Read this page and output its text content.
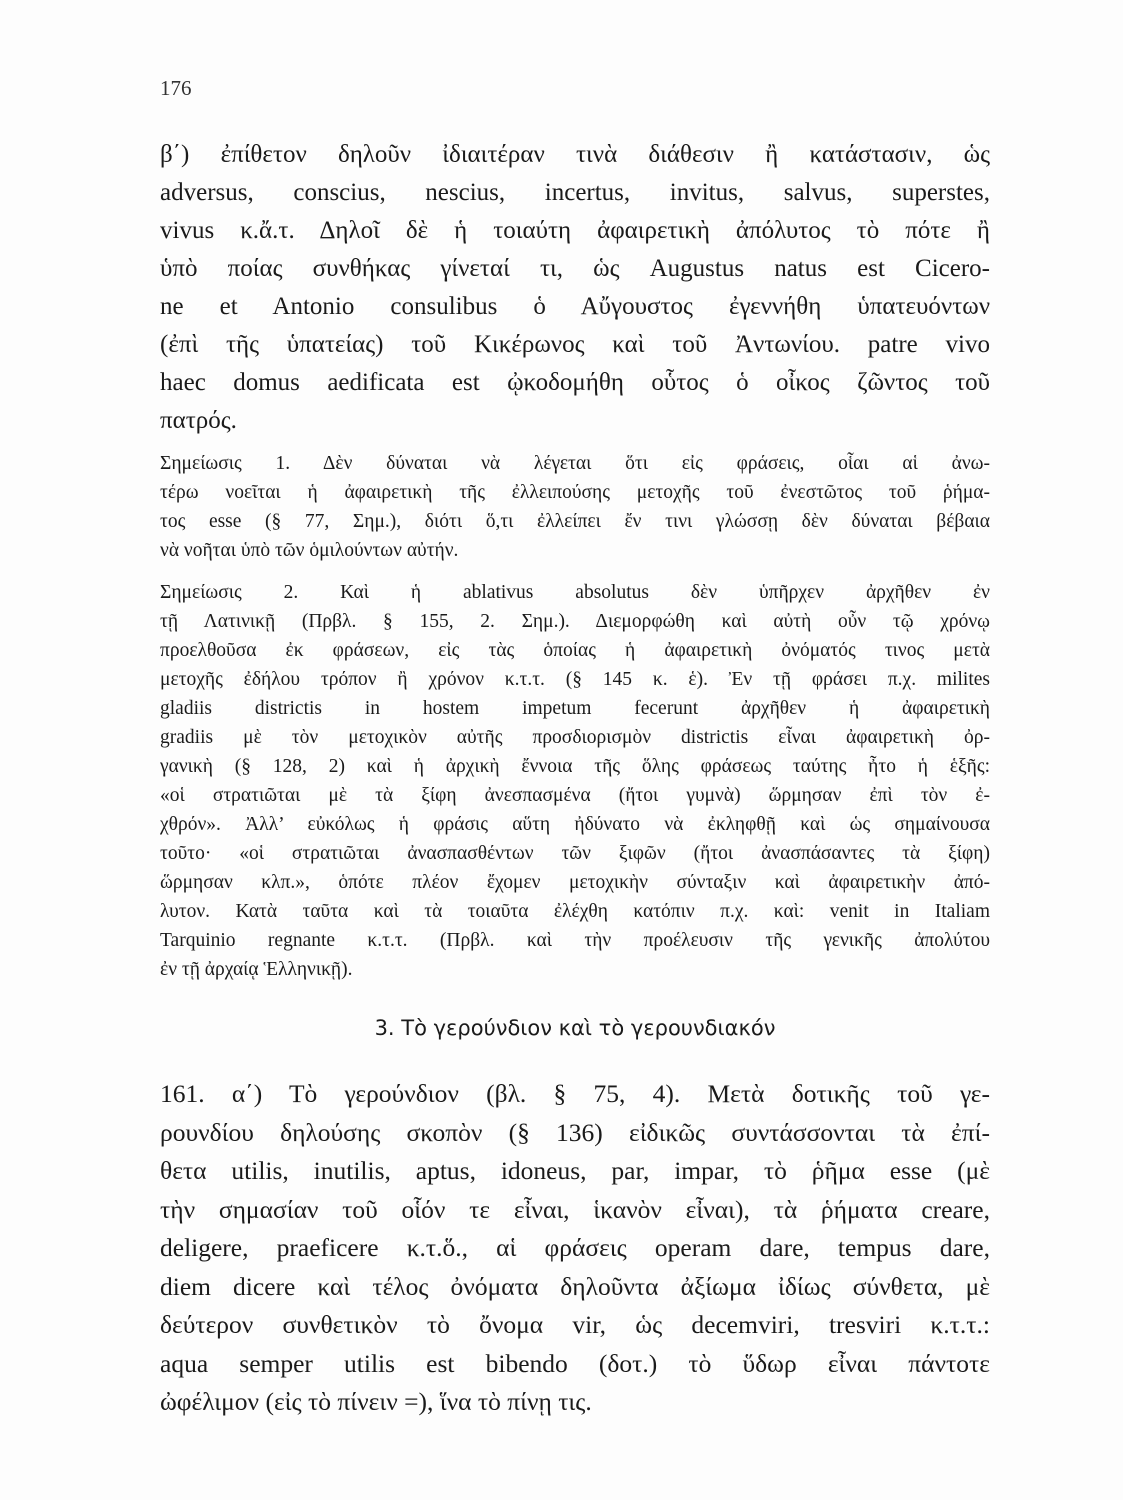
176
β΄) ἐπίθετον δηλοῦν ἰδιαιτέραν τινὰ διάθεσιν ἢ κατάστασιν, ὡς
adversus, conscius, nescius, incertus, invitus, salvus, superstes,
vivus κ.ἄ.τ. Δηλοῖ δὲ ἡ τοιαύτη ἀφαιρετικὴ ἀπόλυτος τὸ πότε ἢ
ὑπὸ ποίας συνθήκας γίνεταί τι, ὡς Augustus natus est Cicero-
ne et Antonio consulibus ὁ Αὔγουστος ἐγεννήθη ὑπατευόντων
(ἐπὶ τῆς ὑπατείας) τοῦ Κικέρωνος καὶ τοῦ Ἀντωνίου. patre vivo
haec domus aedificata est ᾠκοδομήθη οὗτος ὁ οἶκος ζῶντος τοῦ
πατρός.
Σημείωσις 1. Δὲν δύναται νὰ λέγεται ὅτι εἰς φράσεις, οἷαι αἱ ἀνω-
τέρω νοεῖται ἡ ἀφαιρετικὴ τῆς ἐλλειπούσης μετοχῆς τοῦ ἐνεστῶτος τοῦ ῥήμα-
τος esse (§ 77, Σημ.), διότι ὅ,τι ἐλλείπει ἔν τινι γλώσσῃ δὲν δύναται βέβαια
νὰ νοῆται ὑπὸ τῶν ὁμιλούντων αὐτήν.
Σημείωσις 2. Καὶ ἡ ablativus absolutus δὲν ὑπῆρχεν ἀρχῆθεν ἐν
τῇ Λατινικῇ (Πρβλ. § 155, 2. Σημ.). Διεμορφώθη καὶ αὐτὴ οὖν τῷ χρόνῳ
προελθοῦσα ἐκ φράσεων, εἰς τὰς ὁποίας ἡ ἀφαιρετικὴ ὀνόματός τινος μετὰ
μετοχῆς ἐδήλου τρόπον ἢ χρόνον κ.τ.τ. (§ 145 κ. ἑ). Ἐν τῇ φράσει π.χ. milites
gladiis districtis in hostem impetum fecerunt ἀρχῆθεν ἡ ἀφαιρετικὴ
gradiis μὲ τὸν μετοχικὸν αὐτῆς προσδιορισμὸν districtis εἶναι ἀφαιρετικὴ ὀρ-
γανικὴ (§ 128, 2) καὶ ἡ ἀρχικὴ ἔννοια τῆς ὅλης φράσεως ταύτης ἦτο ἡ ἑξῆς:
«οἱ στρατιῶται μὲ τὰ ξίφη ἀνεσπασμένα (ἤτοι γυμνὰ) ὥρμησαν ἐπὶ τὸν ἐ-
χθρόν». Ἀλλ’ εὐκόλως ἡ φράσις αὕτη ἠδύνατο νὰ ἐκληφθῇ καὶ ὡς σημαίνουσα
τοῦτο· «οἱ στρατιῶται ἀνασπασθέντων τῶν ξιφῶν (ἤτοι ἀνασπάσαντες τὰ ξίφη)
ὥρμησαν κλπ.», ὁπότε πλέον ἔχομεν μετοχικὴν σύνταξιν καὶ ἀφαιρετικὴν ἀπό-
λυτον. Κατὰ ταῦτα καὶ τὰ τοιαῦτα ἐλέχθη κατόπιν π.χ. καὶ: venit in Italiam
Tarquinio regnante κ.τ.τ. (Πρβλ. καὶ τὴν προέλευσιν τῆς γενικῆς ἀπολύτου
ἐν τῇ ἀρχαίᾳ Ἑλληνικῇ).
3. Τὸ γερούνδιον καὶ τὸ γερουνδιακόν
161. α΄) Τὸ γερούνδιον (βλ. § 75, 4). Μετὰ δοτικῆς τοῦ γε-
ρουνδίου δηλούσης σκοπὸν (§ 136) εἰδικῶς συντάσσονται τὰ ἐπί-
θετα utilis, inutilis, aptus, idoneus, par, impar, τὸ ῥῆμα esse (μὲ
τὴν σημασίαν τοῦ οἷόν τε εἶναι, ἱκανὸν εἶναι), τὰ ῥήματα creare,
deligere, praeficere κ.τ.ὅ., αἱ φράσεις operam dare, tempus dare,
diem dicere καὶ τέλος ὀνόματα δηλοῦντα ἀξίωμα ἰδίως σύνθετα, μὲ
δεύτερον συνθετικὸν τὸ ὄνομα vir, ὡς decemviri, tresviri κ.τ.τ.:
aqua semper utilis est bibendo (δοτ.) τὸ ὕδωρ εἶναι πάντοτε
ὠφέλιμον (εἰς τὸ πίνειν =), ἵνα τὸ πίνῃ τις.
